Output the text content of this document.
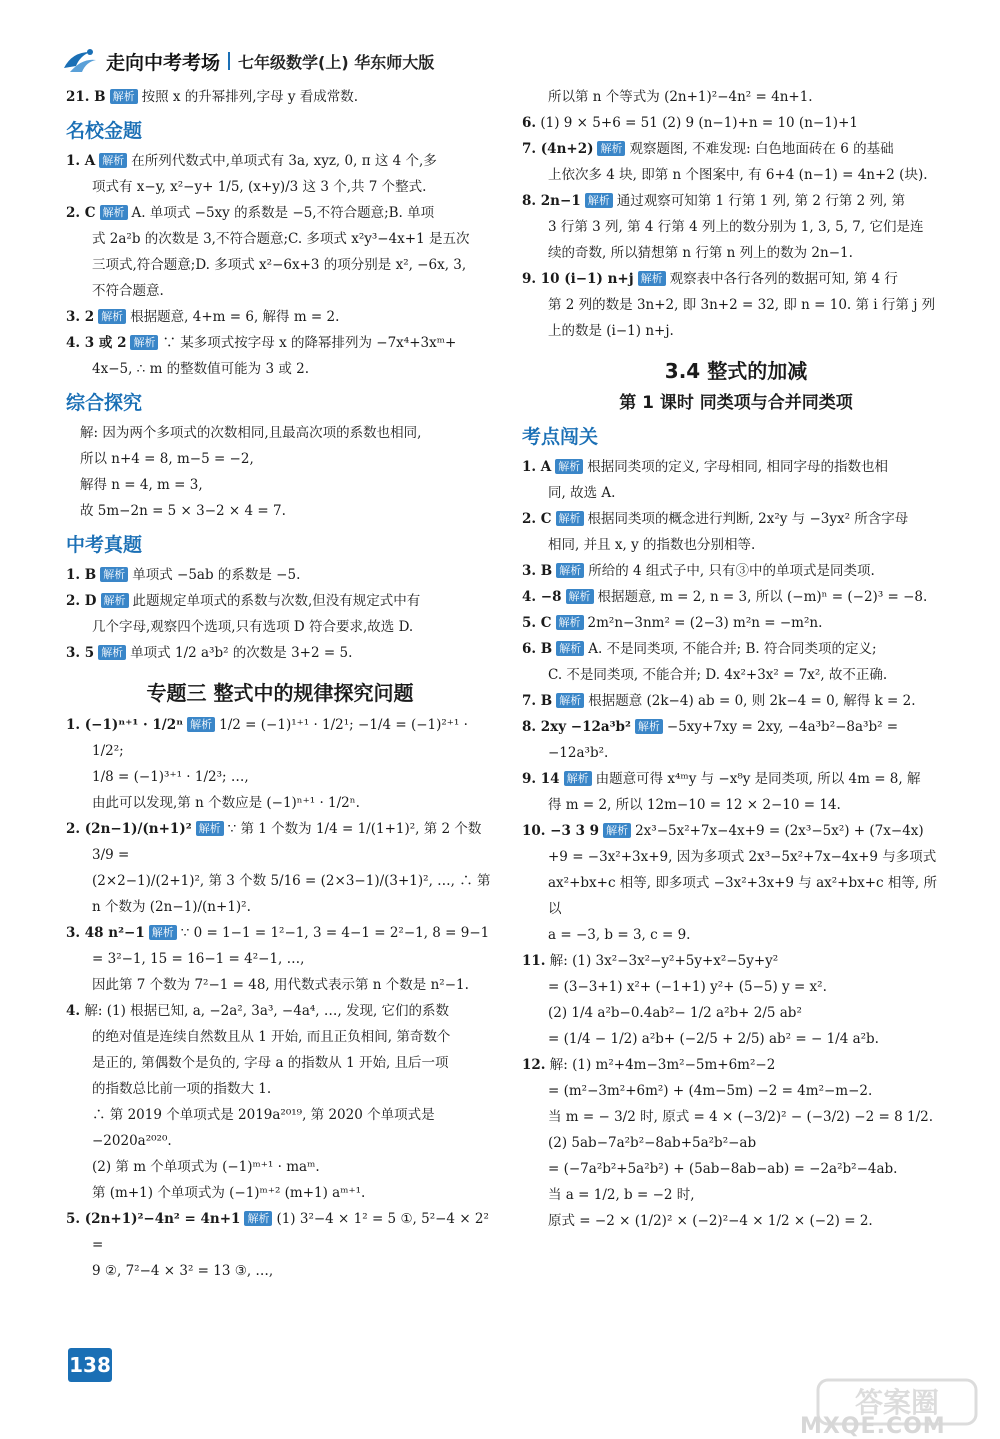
走向中考考场 七年级数学(上) 华东师大版
21. B 解析 按照 x 的升幂排列,字母 y 看成常数.
名校金题
1. A 解析 在所列代数式中,单项式有 3a, xyz, 0, π 这 4 个,多
项式有 x−y, x²−y+ 1/5, (x+y)/3 这 3 个,共 7 个整式.
2. C 解析 A. 单项式 −5xy 的系数是 −5,不符合题意;B. 单项
式 2a²b 的次数是 3,不符合题意;C. 多项式 x²y³−4x+1 是五次
三项式,符合题意;D. 多项式 x²−6x+3 的项分别是 x², −6x, 3,
不符合题意.
3. 2 解析 根据题意, 4+m = 6, 解得 m = 2.
4. 3 或 2 解析 ∵ 某多项式按字母 x 的降幂排列为 −7x⁴+3xᵐ+
4x−5, ∴ m 的整数值可能为 3 或 2.
综合探究
解: 因为两个多项式的次数相同,且最高次项的系数也相同,
所以 n+4 = 8, m−5 = −2,
解得 n = 4, m = 3,
故 5m−2n = 5 × 3−2 × 4 = 7.
中考真题
1. B 解析 单项式 −5ab 的系数是 −5.
2. D 解析 此题规定单项式的系数与次数,但没有规定式中有
几个字母,观察四个选项,只有选项 D 符合要求,故选 D.
3. 5 解析 单项式 1/2 a³b² 的次数是 3+2 = 5.
专题三 整式中的规律探究问题
1. (−1)ⁿ⁺¹ · 1/2ⁿ 解析 1/2 = (−1)¹⁺¹ · 1/2¹; −1/4 = (−1)²⁺¹ · 1/2²;
1/8 = (−1)³⁺¹ · 1/2³; …,
由此可以发现,第 n 个数应是 (−1)ⁿ⁺¹ · 1/2ⁿ.
2. (2n−1)/(n+1)² 解析 ∵ 第 1 个数为 1/4 = 1/(1+1)², 第 2 个数 3/9 =
(2×2−1)/(2+1)², 第 3 个数 5/16 = (2×3−1)/(3+1)², …, ∴ 第 n 个数为 (2n−1)/(n+1)².
3. 48 n²−1 解析 ∵ 0 = 1−1 = 1²−1, 3 = 4−1 = 2²−1, 8 = 9−1
= 3²−1, 15 = 16−1 = 4²−1, …,
因此第 7 个数为 7²−1 = 48, 用代数式表示第 n 个数是 n²−1.
4. 解: (1) 根据已知, a, −2a², 3a³, −4a⁴, …, 发现, 它们的系数
的绝对值是连续自然数且从 1 开始, 而且正负相间, 第奇数个
是正的, 第偶数个是负的, 字母 a 的指数从 1 开始, 且后一项
的指数总比前一项的指数大 1.
∴ 第 2019 个单项式是 2019a²⁰¹⁹, 第 2020 个单项式是 −2020a²⁰²⁰.
(2) 第 m 个单项式为 (−1)ᵐ⁺¹ · maᵐ.
第 (m+1) 个单项式为 (−1)ᵐ⁺² (m+1) aᵐ⁺¹.
5. (2n+1)²−4n² = 4n+1 解析 (1) 3²−4 × 1² = 5 ①, 5²−4 × 2² =
9 ②, 7²−4 × 3² = 13 ③, …,
所以第 n 个等式为 (2n+1)²−4n² = 4n+1.
6. (1) 9 × 5+6 = 51 (2) 9 (n−1)+n = 10 (n−1)+1
7. (4n+2) 解析 观察题图, 不难发现: 白色地面砖在 6 的基础
上依次多 4 块, 即第 n 个图案中, 有 6+4 (n−1) = 4n+2 (块).
8. 2n−1 解析 通过观察可知第 1 行第 1 列, 第 2 行第 2 列, 第
3 行第 3 列, 第 4 行第 4 列上的数分别为 1, 3, 5, 7, 它们是连
续的奇数, 所以猜想第 n 行第 n 列上的数为 2n−1.
9. 10 (i−1) n+j 解析 观察表中各行各列的数据可知, 第 4 行
第 2 列的数是 3n+2, 即 3n+2 = 32, 即 n = 10. 第 i 行第 j 列
上的数是 (i−1) n+j.
3.4 整式的加减
第 1 课时 同类项与合并同类项
考点闯关
1. A 解析 根据同类项的定义, 字母相同, 相同字母的指数也相
同, 故选 A.
2. C 解析 根据同类项的概念进行判断, 2x²y 与 −3yx² 所含字母
相同, 并且 x, y 的指数也分别相等.
3. B 解析 所给的 4 组式子中, 只有③中的单项式是同类项.
4. −8 解析 根据题意, m = 2, n = 3, 所以 (−m)ⁿ = (−2)³ = −8.
5. C 解析 2m²n−3nm² = (2−3) m²n = −m²n.
6. B 解析 A. 不是同类项, 不能合并; B. 符合同类项的定义;
C. 不是同类项, 不能合并; D. 4x²+3x² = 7x², 故不正确.
7. B 解析 根据题意 (2k−4) ab = 0, 则 2k−4 = 0, 解得 k = 2.
8. 2xy −12a³b² 解析 −5xy+7xy = 2xy, −4a³b²−8a³b² = −12a³b².
9. 14 解析 由题意可得 x⁴ᵐy 与 −x⁸y 是同类项, 所以 4m = 8, 解
得 m = 2, 所以 12m−10 = 12 × 2−10 = 14.
10. −3 3 9 解析 2x³−5x²+7x−4x+9 = (2x³−5x²) + (7x−4x)
+9 = −3x²+3x+9, 因为多项式 2x³−5x²+7x−4x+9 与多项式
ax²+bx+c 相等, 即多项式 −3x²+3x+9 与 ax²+bx+c 相等, 所以
a = −3, b = 3, c = 9.
11. 解: (1) 3x²−3x²−y²+5y+x²−5y+y²
= (3−3+1) x²+ (−1+1) y²+ (5−5) y = x².
(2) 1/4 a²b−0.4ab²− 1/2 a²b+ 2/5 ab²
= (1/4 − 1/2) a²b+ (−2/5 + 2/5) ab² = − 1/4 a²b.
12. 解: (1) m²+4m−3m²−5m+6m²−2
= (m²−3m²+6m²) + (4m−5m) −2 = 4m²−m−2.
当 m = − 3/2 时, 原式 = 4 × (−3/2)² − (−3/2) −2 = 8 1/2.
(2) 5ab−7a²b²−8ab+5a²b²−ab
= (−7a²b²+5a²b²) + (5ab−8ab−ab) = −2a²b²−4ab.
当 a = 1/2, b = −2 时,
原式 = −2 × (1/2)² × (−2)²−4 × 1/2 × (−2) = 2.
138
答案圈
MXQE.COM
